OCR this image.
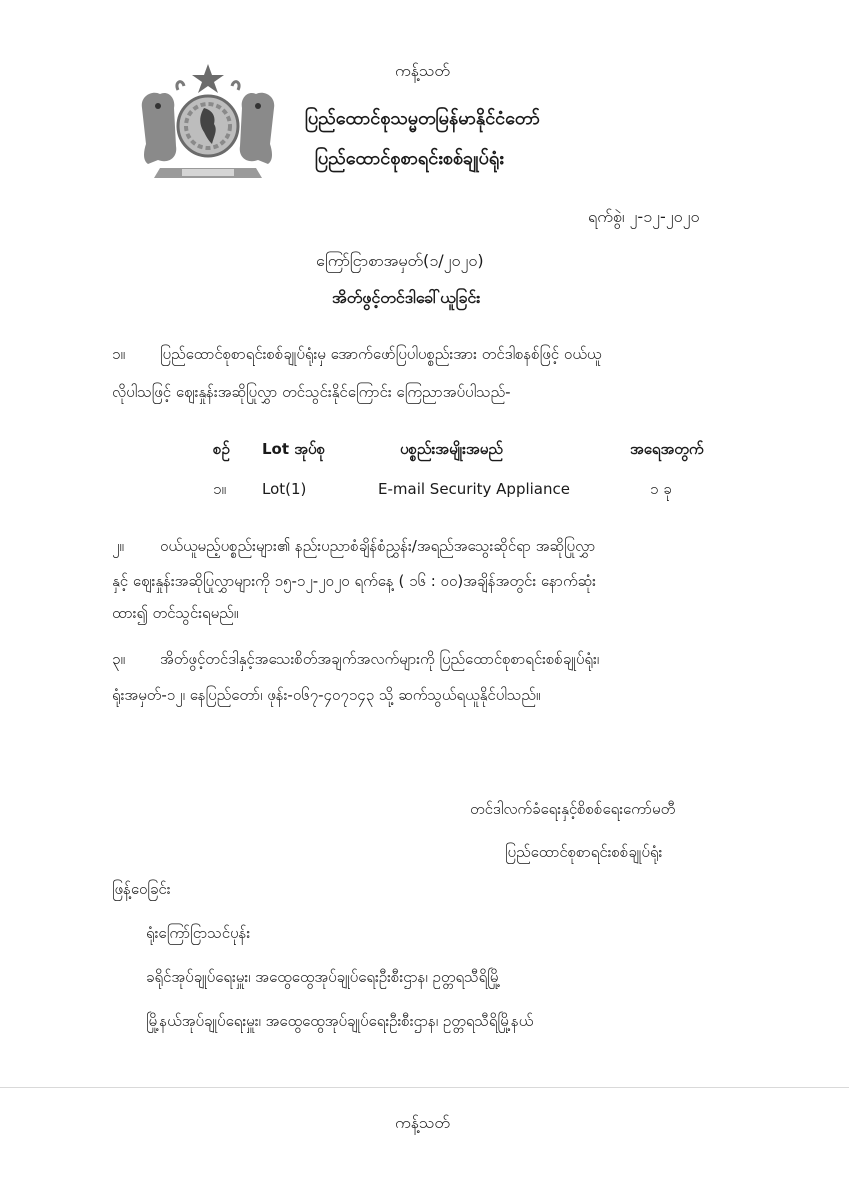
ကန့်သတ်
ပြည်ထောင်စုသမ္မတမြန်မာနိုင်ငံတော်
ပြည်ထောင်စုစာရင်းစစ်ချုပ်ရုံး
ရက်စွဲ၊ ၂-၁၂-၂၀၂၀
ကြော်ငြာစာအမှတ်(၁/၂၀၂၀)
အိတ်ဖွင့်တင်ဒါခေါ်ယူခြင်း
၁။ ပြည်ထောင်စုစာရင်းစစ်ချုပ်ရုံးမှ အောက်ဖော်ပြပါပစ္စည်းအား တင်ဒါစနစ်ဖြင့် ဝယ်ယူ
လိုပါသဖြင့် ဈေးနှုန်းအဆိုပြုလွှာ တင်သွင်းနိုင်ကြောင်း ကြေညာအပ်ပါသည်-
စဉ် Lot အုပ်စု	ပစ္စည်းအမျိုးအမည်	အရေအတွက်
၁။ Lot(1)	E-mail Security Appliance	၁ ခု
၂။ ဝယ်ယူမည့်ပစ္စည်းများ၏ နည်းပညာစံချိန်စံညွှန်း/အရည်အသွေးဆိုင်ရာ အဆိုပြုလွှာ
နှင့် ဈေးနှုန်းအဆိုပြုလွှာများကို ၁၅-၁၂-၂၀၂၀ ရက်နေ့ ( ၁၆ : ၀၀)အချိန်အတွင်း နောက်ဆုံး
ထား၍ တင်သွင်းရမည်။
၃။ အိတ်ဖွင့်တင်ဒါနှင့်အသေးစိတ်အချက်အလက်များကို ပြည်ထောင်စုစာရင်းစစ်ချုပ်ရုံး၊
ရုံးအမှတ်-၁၂၊ နေပြည်တော်၊ ဖုန်း-၀၆၇-၄၀၇၁၄၃ သို့ ဆက်သွယ်ရယူနိုင်ပါသည်။
တင်ဒါလက်ခံရေးနှင့်စိစစ်ရေးကော်မတီ
ပြည်ထောင်စုစာရင်းစစ်ချုပ်ရုံး
ဖြန့်ဝေခြင်း
ရုံးကြော်ငြာသင်ပုန်း
ခရိုင်အုပ်ချုပ်ရေးမှူး၊ အထွေထွေအုပ်ချုပ်ရေးဦးစီးဌာန၊ ဥတ္တရသီရိမြို့
မြို့နယ်အုပ်ချုပ်ရေးမှူး၊ အထွေထွေအုပ်ချုပ်ရေးဦးစီးဌာန၊ ဥတ္တရသီရိမြို့နယ်
ကန့်သတ်
